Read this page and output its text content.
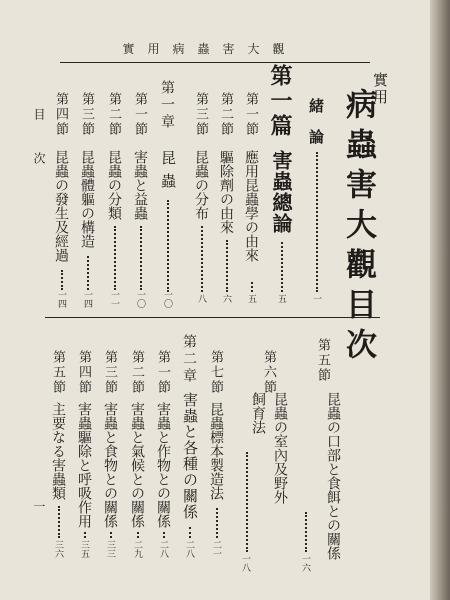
實用病蟲害大觀
實用
病蟲害大觀目次
緒論
一
第一篇
害蟲總論
五
第一節
應用昆蟲學の由來
五
第二節
驅除劑の由來
六
第三節
昆蟲の分布
八
第一章
昆蟲
一〇
第一節
害蟲と益蟲
一〇
第二節
昆蟲の分類
一一
第三節
昆蟲體軀の構造
一四
第四節
昆蟲の發生及經過
一四
目　次
第五節
昆蟲の口部と食餌との關係
一六
第六節
昆蟲の室內及野外飼育法
一八
第七節
昆蟲標本製造法
二一
第二章
害蟲と各種の關係
二八
第一節
害蟲と作物との關係
二八
第二節
害蟲と氣候との關係
二九
第三節
害蟲と食物との關係
三三
第四節
害蟲驅除と呼吸作用
三五
第五節
主要なる害蟲類
三六
一
